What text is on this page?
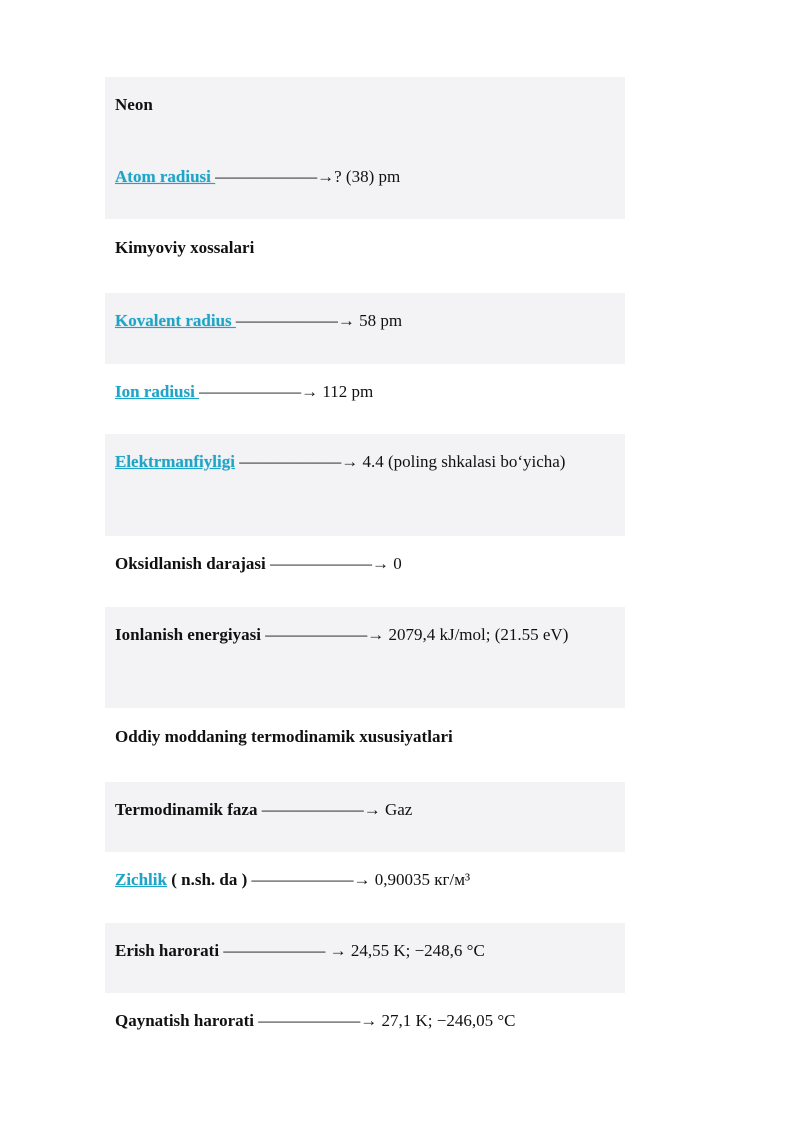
Neon
Atom radiusi ——————→? (38) pm
Kimyoviy xossalari
Kovalent radius ——————→ 58 pm
Ion radiusi ——————→ 112 pm
Elektrmanfiyligi ——————→ 4.4 (poling shkalasi bo‘yicha)
Oksidlanish darajasi ——————→ 0
Ionlanish energiyasi ——————→ 2079,4 kJ/mol; (21.55 eV)
Oddiy moddaning termodinamik xususiyatlari
Termodinamik faza ——————→ Gaz
Zichlik ( n.sh. da ) ——————→ 0,90035 кг/м³
Erish harorati —————— → 24,55 K; −248,6 °C
Qaynatish harorati ——————→ 27,1 K; −246,05 °C
